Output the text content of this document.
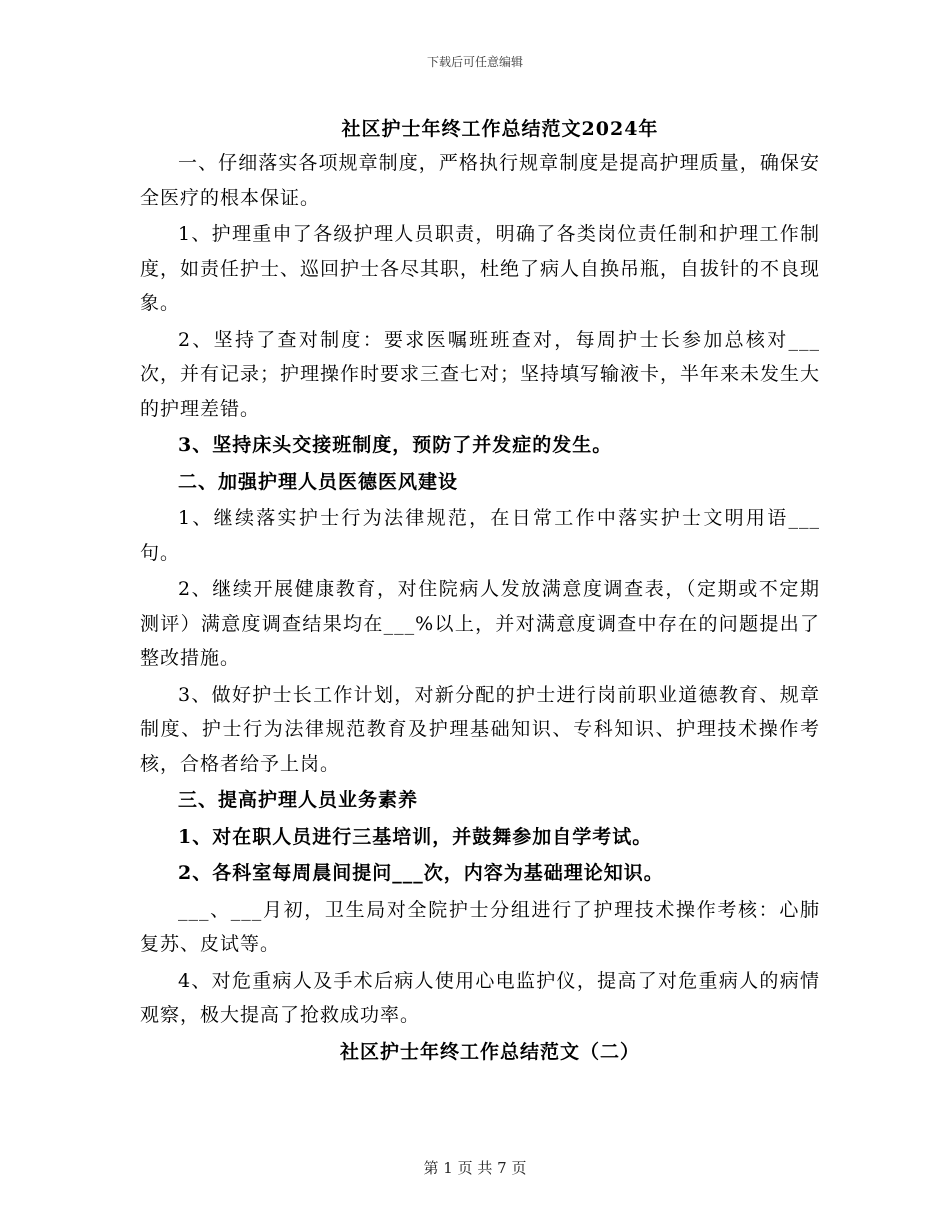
下载后可任意编辑
社区护士年终工作总结范文2024年

一、仔细落实各项规章制度，严格执行规章制度是提高护理质量，确保安全医疗的根本保证。

1、护理重申了各级护理人员职责，明确了各类岗位责任制和护理工作制度，如责任护士、巡回护士各尽其职，杜绝了病人自换吊瓶，自拔针的不良现象。

2、坚持了查对制度：要求医嘱班班查对，每周护士长参加总核对___次，并有记录；护理操作时要求三查七对；坚持填写输液卡，半年来未发生大的护理差错。

3、坚持床头交接班制度，预防了并发症的发生。

二、加强护理人员医德医风建设

1、继续落实护士行为法律规范，在日常工作中落实护士文明用语___句。

2、继续开展健康教育，对住院病人发放满意度调查表，（定期或不定期测评）满意度调查结果均在___%以上，并对满意度调查中存在的问题提出了整改措施。

3、做好护士长工作计划，对新分配的护士进行岗前职业道德教育、规章制度、护士行为法律规范教育及护理基础知识、专科知识、护理技术操作考核，合格者给予上岗。

三、提高护理人员业务素养

1、对在职人员进行三基培训，并鼓舞参加自学考试。

2、各科室每周晨间提问___次，内容为基础理论知识。

___、___月初，卫生局对全院护士分组进行了护理技术操作考核：心肺复苏、皮试等。

4、对危重病人及手术后病人使用心电监护仪，提高了对危重病人的病情观察，极大提高了抢救成功率。

社区护士年终工作总结范文（二）
第 1 页 共 7 页
